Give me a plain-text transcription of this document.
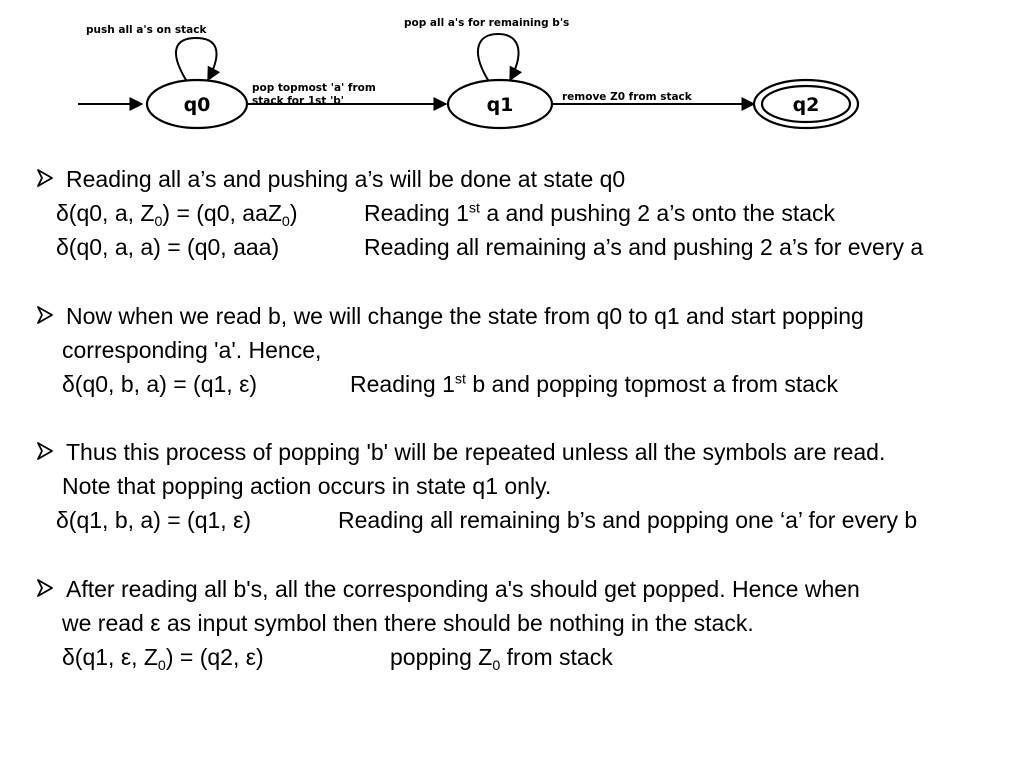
push all a's on stack
q0
pop topmost 'a' from
stack for 1st 'b'
pop all a's for remaining b's
q1	remove Z0 from stack	q2
Reading all a’s and pushing a’s will be done at state q0
δ(q0, a, $Z_0) = (q0$, aaZ$_0$)	Reading 1st a and pushing 2 a’s onto the stack
δ(q0, a, a) = (q0, aaa)	Reading all remaining a’s and pushing 2 a’s for every a
Now when we read b, we will change the state from q0 to q1 and start popping
corresponding 'a'. Hence,
δ(q0, b, a) = (q1, ε)	Reading 1st b and popping topmost a from stack
Thus this process of popping 'b' will be repeated unless all the symbols are read.
Note that popping action occurs in state q1 only.
δ(q1, b, a) = (q1, ε)	Reading all remaining b’s and popping one ‘a’ for every b
After reading all b's, all the corresponding a's should get popped. Hence when
we read ε as input symbol then there should be nothing in the stack.
δ(q1, ε, $Z_0) = (q2$, ε)	popping $Z_0$ from stack
